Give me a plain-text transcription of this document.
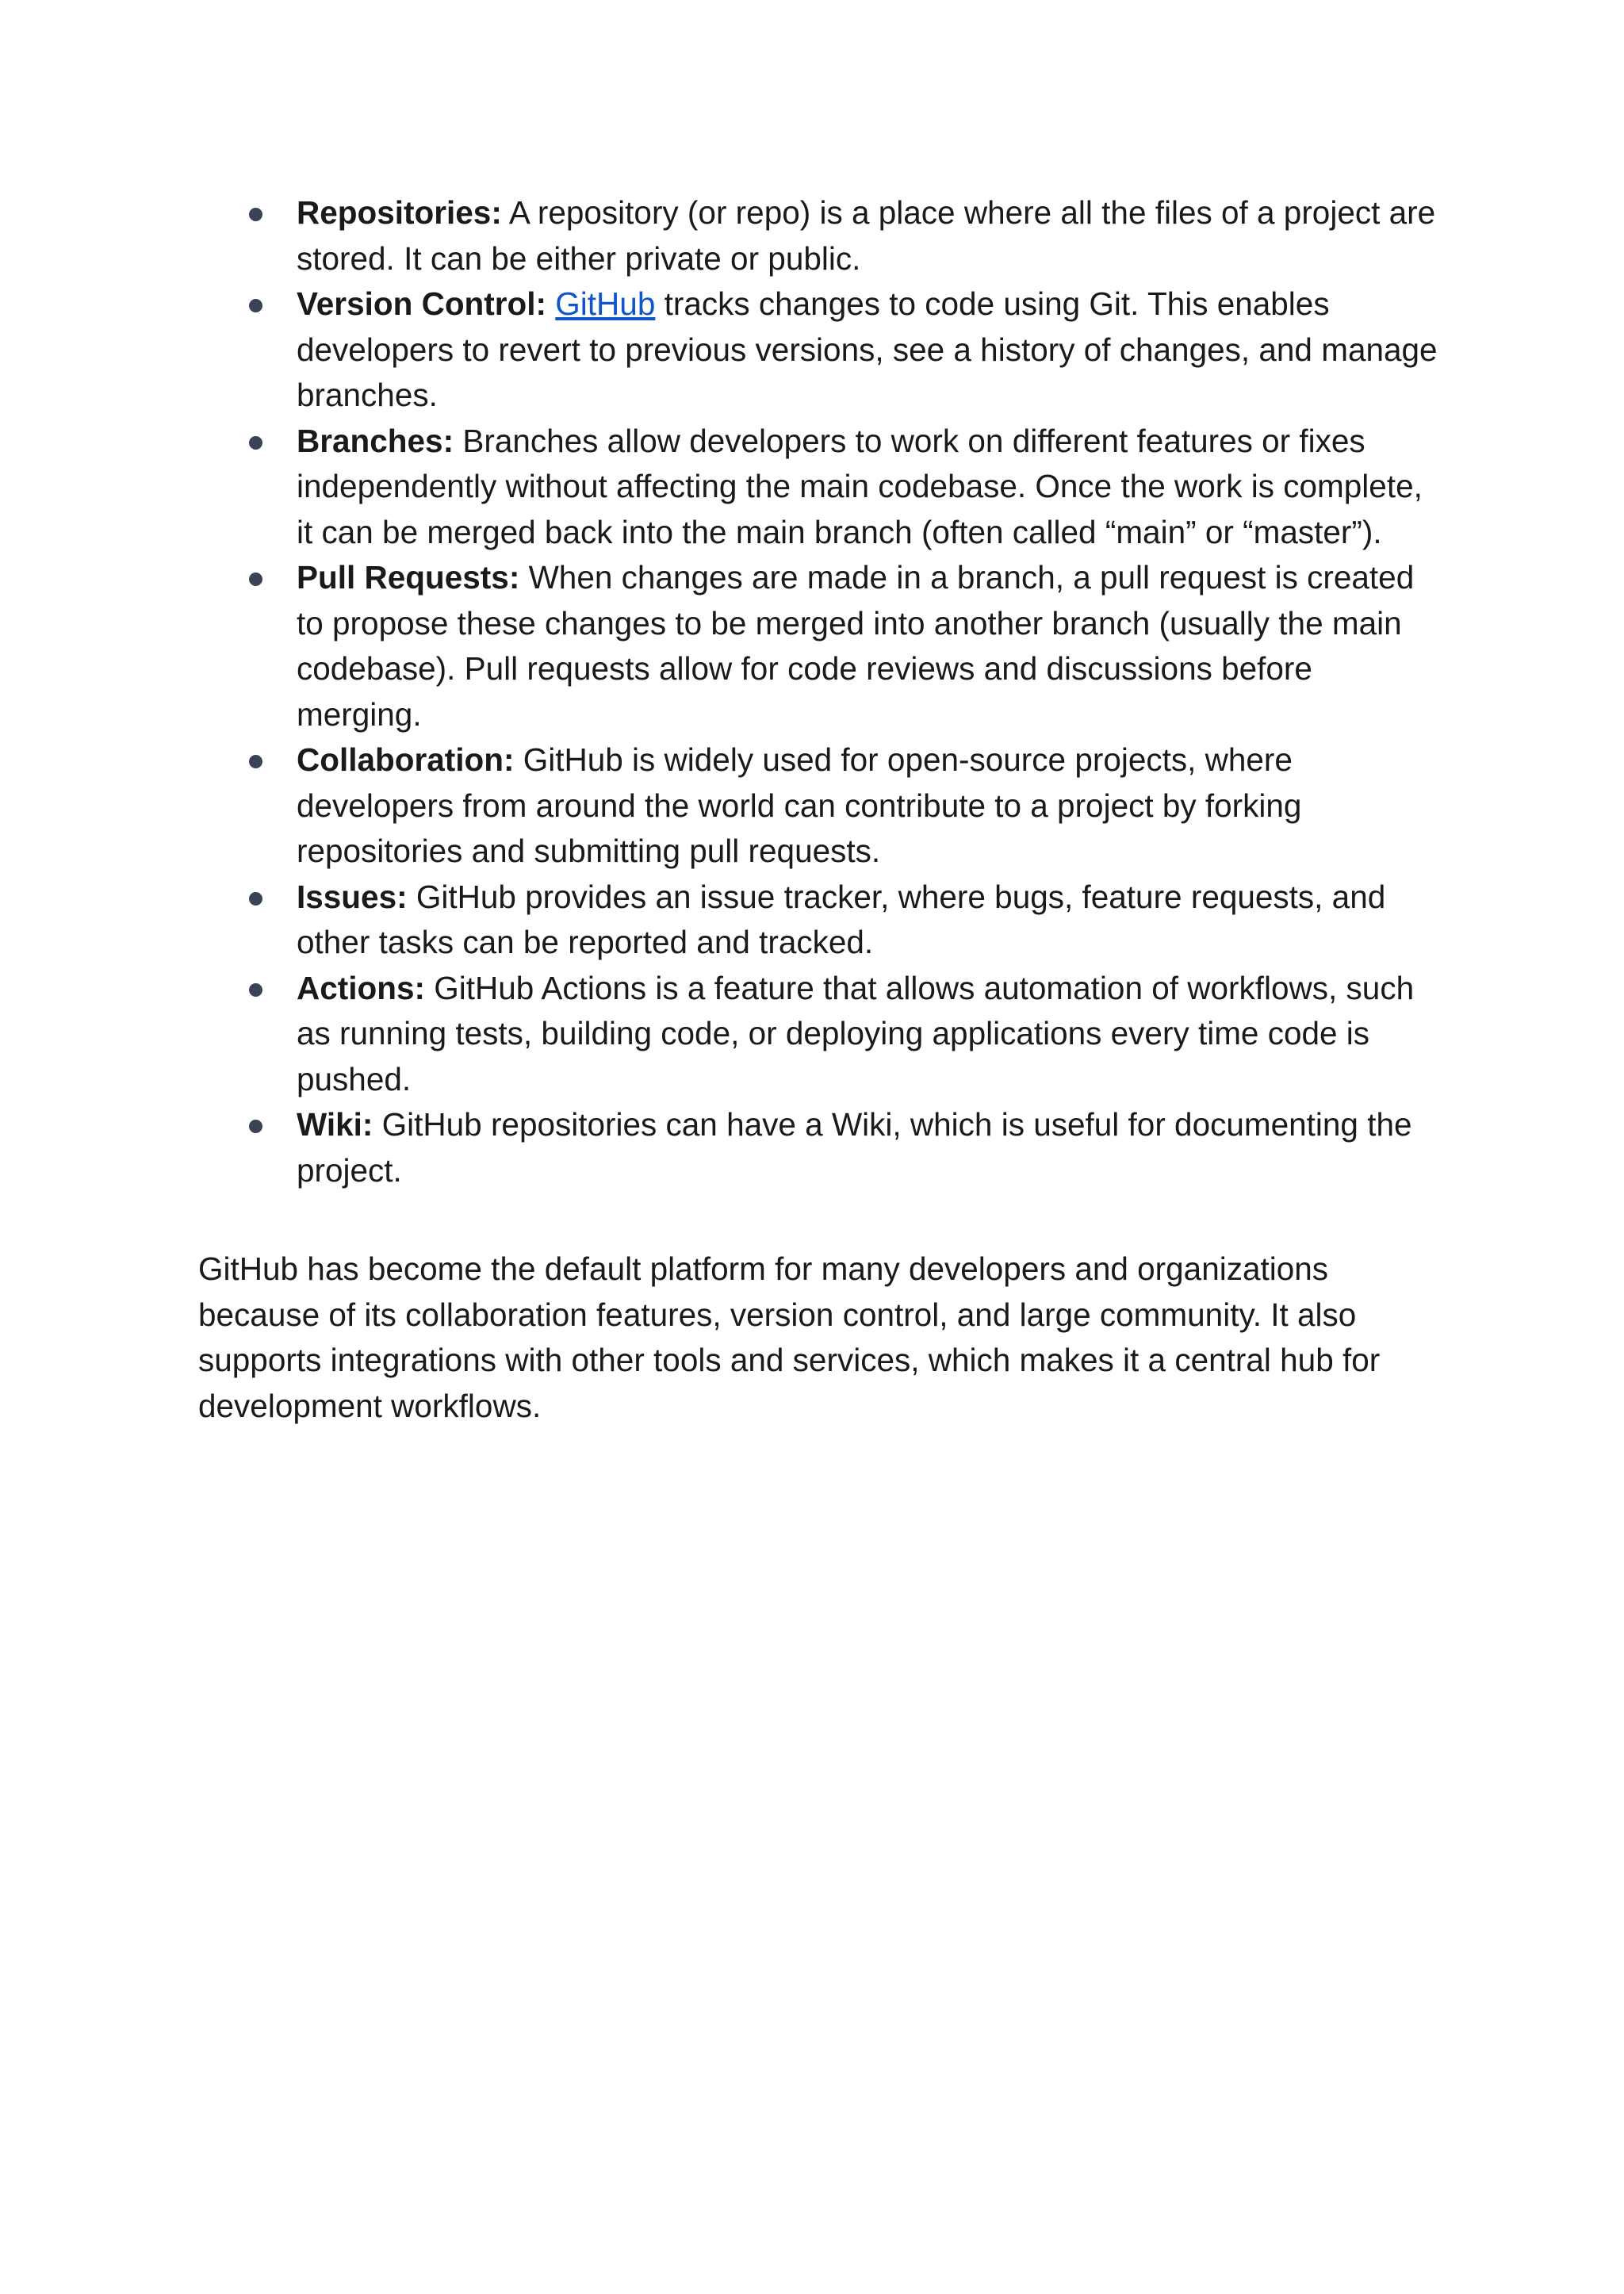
Repositories: A repository (or repo) is a place where all the files of a project are stored. It can be either private or public.
Version Control: GitHub tracks changes to code using Git. This enables developers to revert to previous versions, see a history of changes, and manage branches.
Branches: Branches allow developers to work on different features or fixes independently without affecting the main codebase. Once the work is complete, it can be merged back into the main branch (often called “main” or “master”).
Pull Requests: When changes are made in a branch, a pull request is created to propose these changes to be merged into another branch (usually the main codebase). Pull requests allow for code reviews and discussions before merging.
Collaboration: GitHub is widely used for open-source projects, where developers from around the world can contribute to a project by forking repositories and submitting pull requests.
Issues: GitHub provides an issue tracker, where bugs, feature requests, and other tasks can be reported and tracked.
Actions: GitHub Actions is a feature that allows automation of workflows, such as running tests, building code, or deploying applications every time code is pushed.
Wiki: GitHub repositories can have a Wiki, which is useful for documenting the project.

GitHub has become the default platform for many developers and organizations because of its collaboration features, version control, and large community. It also supports integrations with other tools and services, which makes it a central hub for development workflows.
